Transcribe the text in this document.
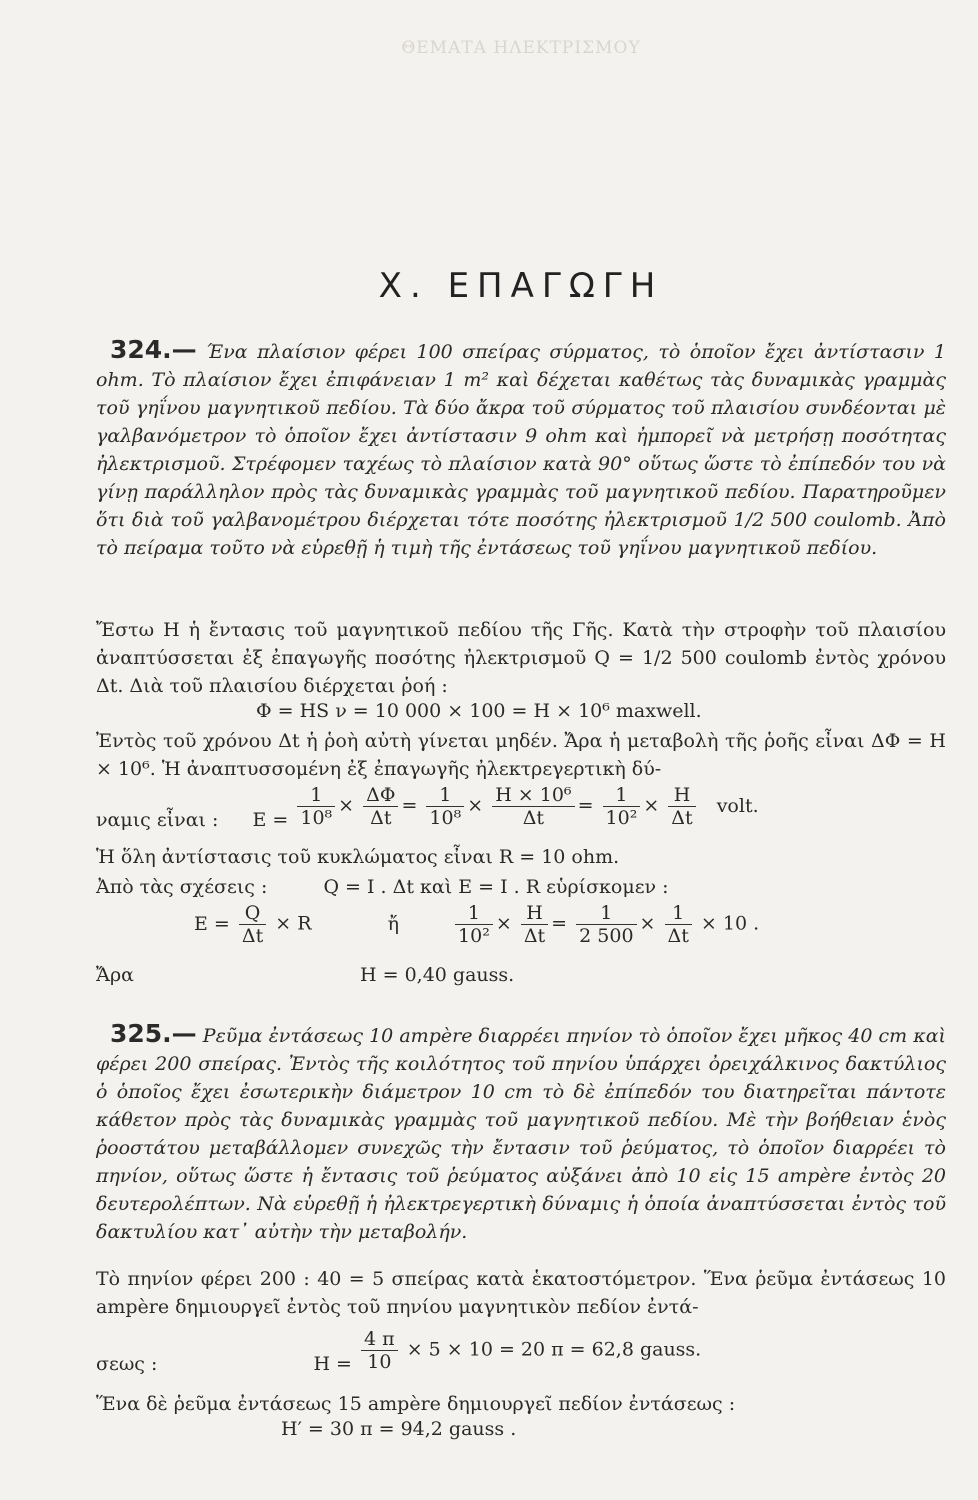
ΘΕΜΑΤΑ ΗΛΕΚΤΡΙΣΜΟΥ
Χ. ΕΠΑΓΩΓΗ
324.— Ένα πλαίσιον φέρει 100 σπείρας σύρματος, τὸ ὁποῖον ἔχει ἀντίστασιν 1 ohm. Τὸ πλαίσιον ἔχει ἐπιφάνειαν 1 m² καὶ δέχεται καθέτως τὰς δυναμικὰς γραμμὰς τοῦ γηΐνου μαγνητικοῦ πεδίου. Τὰ δύο ἄκρα τοῦ σύρματος τοῦ πλαισίου συνδέονται μὲ γαλβανόμετρον τὸ ὁποῖον ἔχει ἀντίστασιν 9 ohm καὶ ἠμπορεῖ νὰ μετρήσῃ ποσότητας ἠλεκτρισμοῦ. Στρέφομεν ταχέως τὸ πλαίσιον κατὰ 90° οὕτως ὥστε τὸ ἐπίπεδόν του νὰ γίνῃ παράλληλον πρὸς τὰς δυναμικὰς γραμμὰς τοῦ μαγνητικοῦ πεδίου. Παρατηροῦμεν ὅτι διὰ τοῦ γαλβανομέτρου διέρχεται τότε ποσότης ἠλεκτρισμοῦ 1/2 500 coulomb. Ἀπὸ τὸ πείραμα τοῦτο νὰ εὑρεθῇ ἡ τιμὴ τῆς ἐντάσεως τοῦ γηΐνου μαγνητικοῦ πεδίου.
Ἔστω Η ἡ ἔντασις τοῦ μαγνητικοῦ πεδίου τῆς Γῆς. Κατὰ τὴν στροφὴν τοῦ πλαισίου ἀναπτύσσεται ἐξ ἐπαγωγῆς ποσότης ἠλεκτρισμοῦ Q = 1/2 500 coulomb ἐντὸς χρόνου Δt. Διὰ τοῦ πλαισίου διέρχεται ῥοή :
Φ = HS ν = 10 000 × 100 = H × 10⁶ maxwell.
Ἐντὸς τοῦ χρόνου Δt ἡ ῥοὴ αὐτὴ γίνεται μηδέν. Ἄρα ἡ μεταβολὴ τῆς ῥοῆς εἶναι ΔΦ = H × 10⁶. Ἡ ἀναπτυσσομένη ἐξ ἐπαγωγῆς ἠλεκτρεγερτικὴ δύ-
ναμις εἶναι : $E = \frac{1}{\text{10⁸}} \times \frac{\Delta\Phi}{\Delta t} = \frac{1}{\text{10⁸}} \times \frac{\text{H × 10⁶}}{\Delta t} = \frac{1}{\text{10²}} \times \frac{H}{\Delta t}$ volt.
Ἡ ὅλη ἀντίστασις τοῦ κυκλώματος εἶναι R = 10 ohm.
Ἀπὸ τὰς σχέσεις :	Q = I . Δt καὶ E = I . R εὑρίσκομεν :
$E = \frac{Q}{\Delta t} \times R$	ἤ	$\frac{1}{\text{10²}} \times \frac{H}{\Delta t} = \frac{1}{2 500} \times \frac{1}{\Delta t} \times 10$ .
Ἄρα	H = 0,40 gauss.
325.— Ρεῦμα ἐντάσεως 10 ampère διαρρέει πηνίον τὸ ὁποῖον ἔχει μῆκος 40 cm καὶ φέρει 200 σπείρας. Ἐντὸς τῆς κοιλότητος τοῦ πηνίου ὑπάρχει ὀρειχάλκινος δακτύλιος ὁ ὁποῖος ἔχει ἐσωτερικὴν διάμετρον 10 cm τὸ δὲ ἐπίπεδόν του διατηρεῖται πάντοτε κάθετον πρὸς τὰς δυναμικὰς γραμμὰς τοῦ μαγνητικοῦ πεδίου. Μὲ τὴν βοήθειαν ἑνὸς ῥοοστάτου μεταβάλλομεν συνεχῶς τὴν ἔντασιν τοῦ ῥεύματος, τὸ ὁποῖον διαρρέει τὸ πηνίον, οὕτως ὥστε ἡ ἔντασις τοῦ ῥεύματος αὐξάνει ἀπὸ 10 εἰς 15 ampère ἐντὸς 20 δευτερολέπτων. Νὰ εὑρεθῇ ἡ ἠλεκτρεγερτικὴ δύναμις ἡ ὁποία ἀναπτύσσεται ἐντὸς τοῦ δακτυλίου κατ᾽ αὐτὴν τὴν μεταβολήν.
Τὸ πηνίον φέρει 200 : 40 = 5 σπείρας κατὰ ἑκατοστόμετρον. Ἕνα ῥεῦμα ἐντάσεως 10 ampère δημιουργεῖ ἐντὸς τοῦ πηνίου μαγνητικὸν πεδίον ἐντά-
σεως :	$H = \frac{4 \pi}{10} \times 5 \times 10 = 20$ π = 62,8 gauss.
Ἕνα δὲ ῥεῦμα ἐντάσεως 15 ampère δημιουργεῖ πεδίον ἐντάσεως :
H′ = 30 π = 94,2 gauss .
